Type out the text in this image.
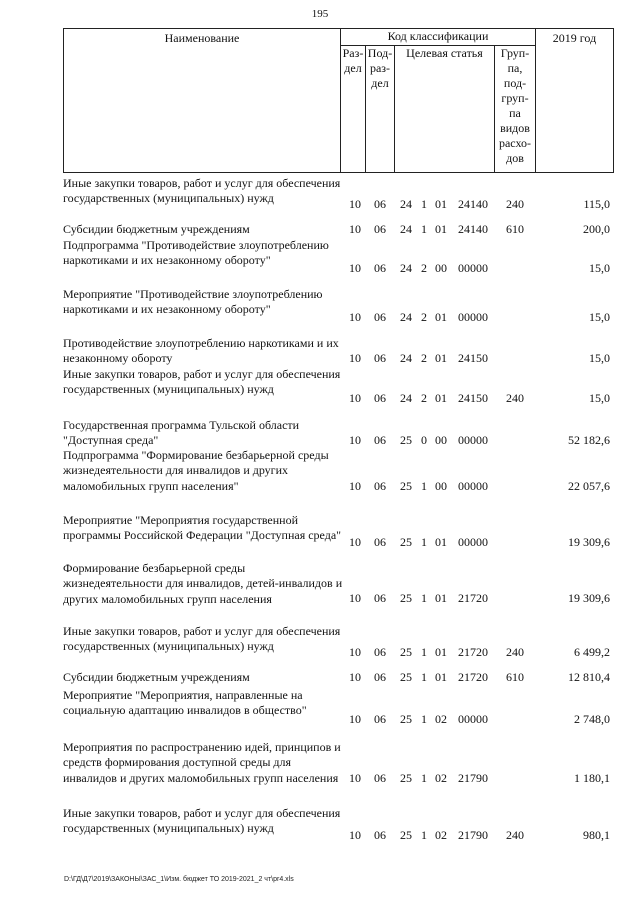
195
Наименование	Код классификации	2019 год
Раз-
дел
Под-
раз-
дел
Целевая статья	Груп-
па,
под-
груп-
па
видов
расхо-
дов
Иные закупки товаров, работ и услуг для обеспечения государственных (муниципальных) нужд	10	06	24 1 01 24140	240	115,0
Субсидии бюджетным учреждениям	10	06	24 1 01 24140	610	200,0
Подпрограмма "Противодействие злоупотреблению наркотиками и их незаконному обороту"
10	06	24 2 00 00000	15,0
Мероприятие "Противодействие злоупотреблению наркотиками и их незаконному обороту"
10	06	24 2 01 00000	15,0
Противодействие злоупотреблению наркотиками и их незаконному обороту	10	06	24 2 01 24150	15,0
Иные закупки товаров, работ и услуг для обеспечения государственных (муниципальных) нужд
10	06	24 2 01 24150	240	15,0
Государственная программа Тульской области "Доступная среда"	10	06	25 0 00 00000	52 182,6
Подпрограмма "Формирование безбарьерной среды жизнедеятельности для инвалидов и других маломобильных групп населения"	10	06	25 1 00 00000	22 057,6
Мероприятие "Мероприятия государственной программы Российской Федерации "Доступная среда" 10	06	25 1 01 00000	19 309,6
Формирование безбарьерной среды жизнедеятельности для инвалидов, детей-инвалидов и других маломобильных групп населения	10	06	25 1 01 21720	19 309,6
Иные закупки товаров, работ и услуг для обеспечения государственных (муниципальных) нужд	10	06	25 1 01 21720	240	6 499,2
Субсидии бюджетным учреждениям	10	06	25 1 01 21720	610	12 810,4
Мероприятие "Мероприятия, направленные на социальную адаптацию инвалидов в общество"
10	06	25 1 02 00000	2 748,0
Мероприятия по распространению идей, принципов и средств формирования доступной среды для инвалидов и других маломобильных групп населения 10	06	25 1 02 21790	1 180,1
Иные закупки товаров, работ и услуг для обеспечения государственных (муниципальных) нужд	10	06	25 1 02 21790	240	980,1
D:\ГД\Д7\2019\ЗАКОНЫ\ЗАС_1\Изм. бюджет ТО 2019-2021_2 чт\pr4.xls
